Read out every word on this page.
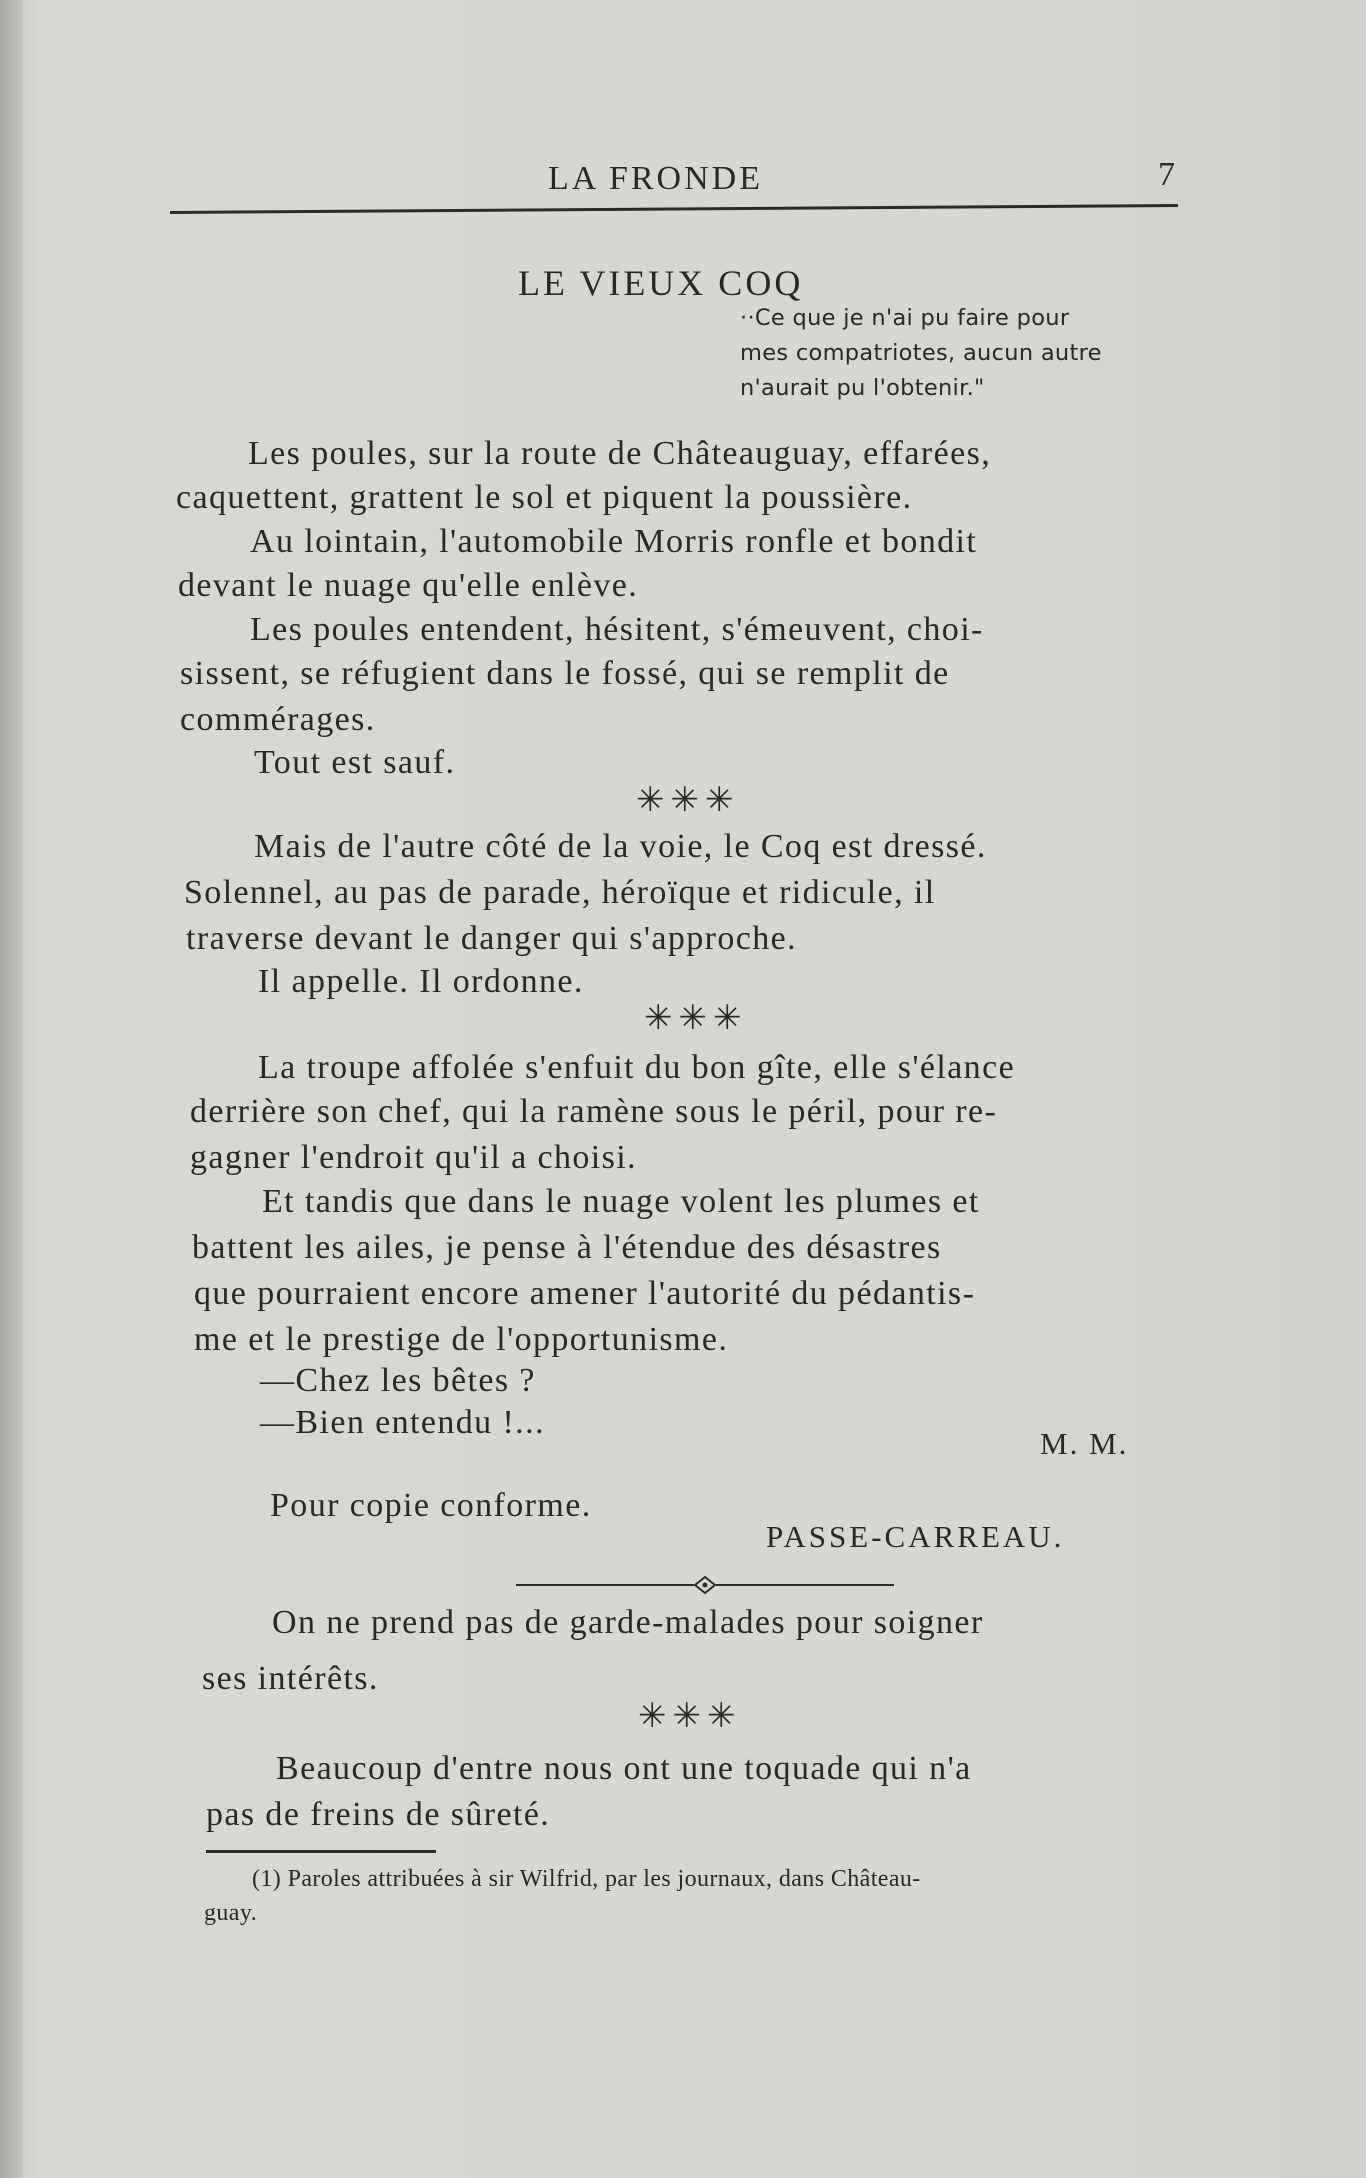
LA FRONDE	7
LE VIEUX COQ
··Ce que je n'ai pu faire pour
mes compatriotes, aucun autre
n'aurait pu l'obtenir."
Les poules, sur la route de Châteauguay, effarées,
caquettent, grattent le sol et piquent la poussière.
Au lointain, l'automobile Morris ronfle et bondit
devant le nuage qu'elle enlève.
Les poules entendent, hésitent, s'émeuvent, choi-
sissent, se réfugient dans le fossé, qui se remplit de
commérages.
Tout est sauf.
✳✳✳
Mais de l'autre côté de la voie, le Coq est dressé.
Solennel, au pas de parade, héroïque et ridicule, il
traverse devant le danger qui s'approche.
Il appelle. Il ordonne.
✳✳✳
La troupe affolée s'enfuit du bon gîte, elle s'élance
derrière son chef, qui la ramène sous le péril, pour re-
gagner l'endroit qu'il a choisi.
Et tandis que dans le nuage volent les plumes et
battent les ailes, je pense à l'étendue des désastres
que pourraient encore amener l'autorité du pédantis-
me et le prestige de l'opportunisme.
—Chez les bêtes ?
—Bien entendu !...
M. M.
Pour copie conforme.
PASSE-CARREAU.
On ne prend pas de garde-malades pour soigner
ses intérêts.
✳✳✳
Beaucoup d'entre nous ont une toquade qui n'a
pas de freins de sûreté.
(1) Paroles attribuées à sir Wilfrid, par les journaux, dans Château-
guay.
